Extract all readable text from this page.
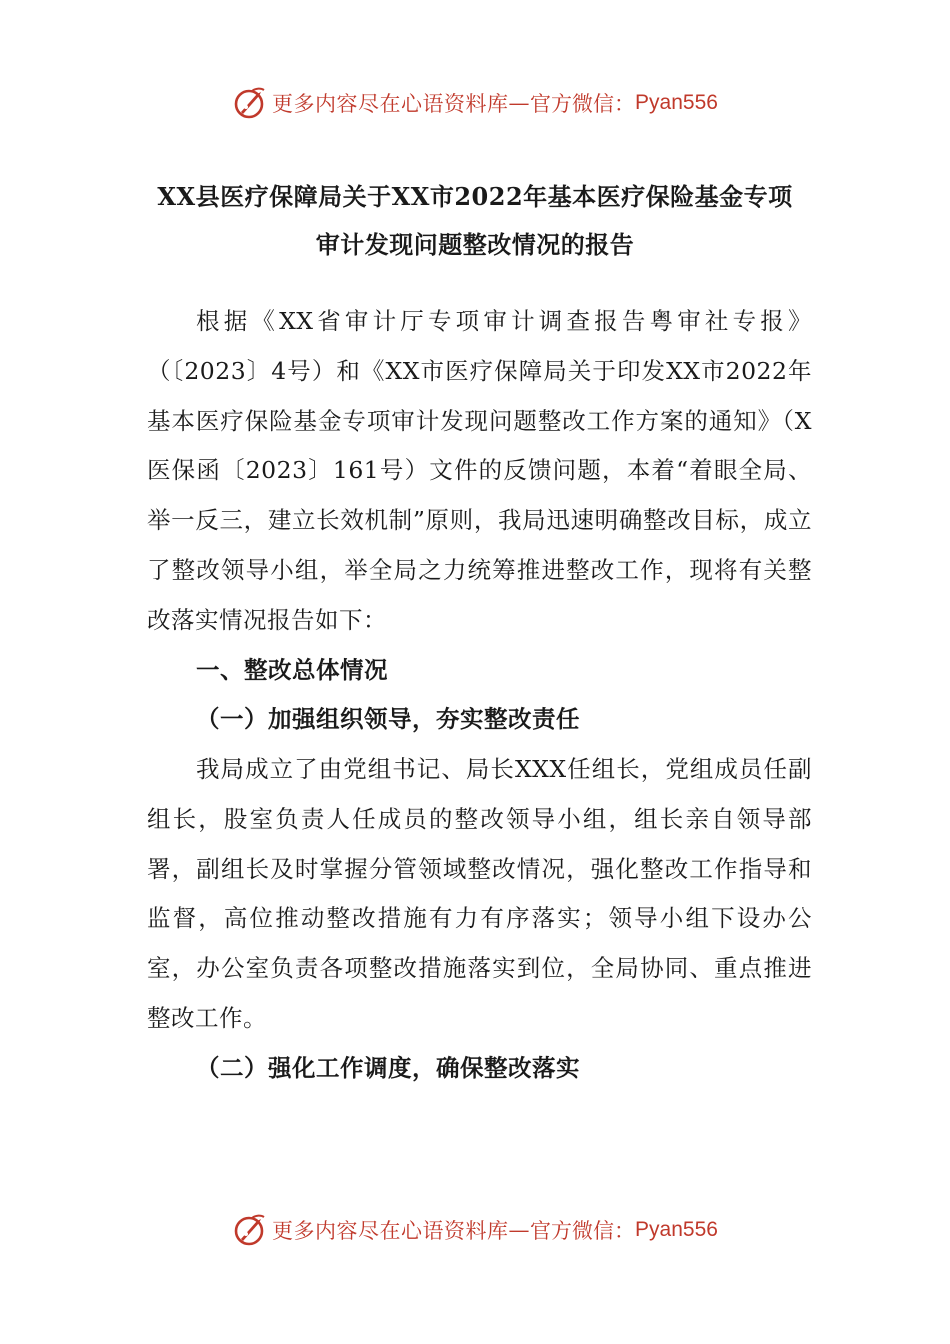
更多内容尽在心语资料库 — 官方微信： Pyan556
XX县医疗保障局关于XX市2022年基本医疗保险基金专项
审计发现问题整改情况的报告
根据《XX省审计厅专项审计调查报告粤审社专报》（〔2023〕4号）和《XX市医疗保障局关于印发XX市2022年基本医疗保险基金专项审计发现问题整改工作方案的通知》（X医保函〔2023〕161号）文件的反馈问题，本着“着眼全局、举一反三，建立长效机制”原则，我局迅速明确整改目标，成立了整改领导小组，举全局之力统筹推进整改工作，现将有关整改落实情况报告如下：
一、整改总体情况
（一）加强组织领导，夯实整改责任
我局成立了由党组书记、局长XXX任组长，党组成员任副组长，股室负责人任成员的整改领导小组，组长亲自领导部署，副组长及时掌握分管领域整改情况，强化整改工作指导和监督，高位推动整改措施有力有序落实；领导小组下设办公室，办公室负责各项整改措施落实到位，全局协同、重点推进整改工作。
（二）强化工作调度，确保整改落实
更多内容尽在心语资料库 — 官方微信： Pyan556
